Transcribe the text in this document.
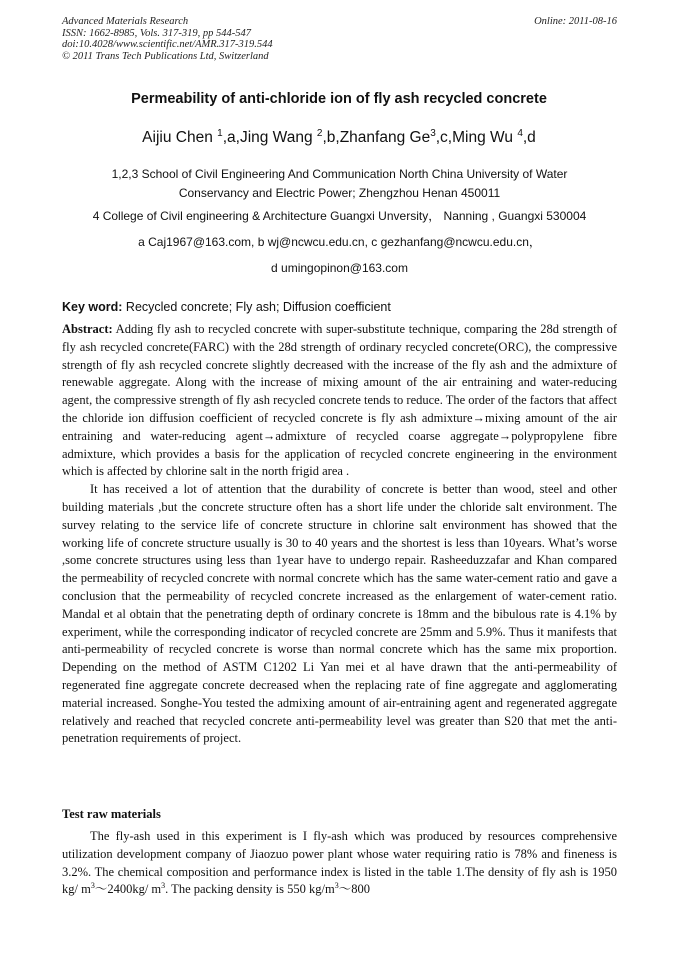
Advanced Materials Research
ISSN: 1662-8985, Vols. 317-319, pp 544-547
doi:10.4028/www.scientific.net/AMR.317-319.544
© 2011 Trans Tech Publications Ltd, Switzerland
Online: 2011-08-16
Permeability of anti-chloride ion of fly ash recycled concrete
Aijiu Chen $^1$,a,Jing Wang $^2$,b,Zhanfang Ge$^3$,c,Ming Wu $^4$,d
1,2,3 School of Civil Engineering And Communication North China University of Water
Conservancy and Electric Power; Zhengzhou Henan 450011
4 College of Civil engineering & Architecture Guangxi Unversity， Nanning , Guangxi 530004
a Caj1967@163.com, b wj@ncwcu.edu.cn, c gezhanfang@ncwcu.edu.cn，
d umingopinon@163.com
Key word: Recycled concrete; Fly ash; Diffusion coefficient

Abstract: Adding fly ash to recycled concrete with super-substitute technique, comparing the 28d strength of fly ash recycled concrete(FARC) with the 28d strength of ordinary recycled concrete(ORC), the compressive strength of fly ash recycled concrete slightly decreased with the increase of the fly ash and the admixture of renewable aggregate. Along with the increase of mixing amount of the air entraining and water-reducing agent, the compressive strength of fly ash recycled concrete tends to reduce. The order of the factors that affect the chloride ion diffusion coefficient of recycled concrete is fly ash admixture→mixing amount of the air entraining and water-reducing agent→admixture of recycled coarse aggregate→polypropylene fibre admixture, which provides a basis for the application of recycled concrete engineering in the environment which is affected by chlorine salt in the north frigid area .

It has received a lot of attention that the durability of concrete is better than wood, steel and other building materials ,but the concrete structure often has a short life under the chloride salt environment. The survey relating to the service life of concrete structure in chlorine salt environment has showed that the working life of concrete structure usually is 30 to 40 years and the shortest is less than 10years. What’s worse ,some concrete structures using less than 1year have to undergo repair. Rasheeduzzafar and Khan compared the permeability of recycled concrete with normal concrete which has the same water-cement ratio and gave a conclusion that the permeability of recycled concrete increased as the enlargement of water-cement ratio. Mandal et al obtain that the penetrating depth of ordinary concrete is 18mm and the bibulous rate is 4.1% by experiment, while the corresponding indicator of recycled concrete are 25mm and 5.9%. Thus it manifests that anti-permeability of recycled concrete is worse than normal concrete which has the same mix proportion. Depending on the method of ASTM C1202 Li Yan mei et al have drawn that the anti-permeability of regenerated fine aggregate concrete decreased when the replacing rate of fine aggregate and agglomerating material increased. Songhe-You tested the admixing amount of air-entraining agent and regenerated aggregate relatively and reached that recycled concrete anti-permeability level was greater than S20 that met the anti-penetration requirements of project.

Test raw materials

The fly-ash used in this experiment is I fly-ash which was produced by resources comprehensive utilization development company of Jiaozuo power plant whose water requiring ratio is 78% and fineness is 3.2%. The chemical composition and performance index is listed in the table 1.The density of fly ash is 1950 kg/ $m^3\sim 2400kg/$ $m^3$. The packing density is 550 $kg/m^3\sim 800$
